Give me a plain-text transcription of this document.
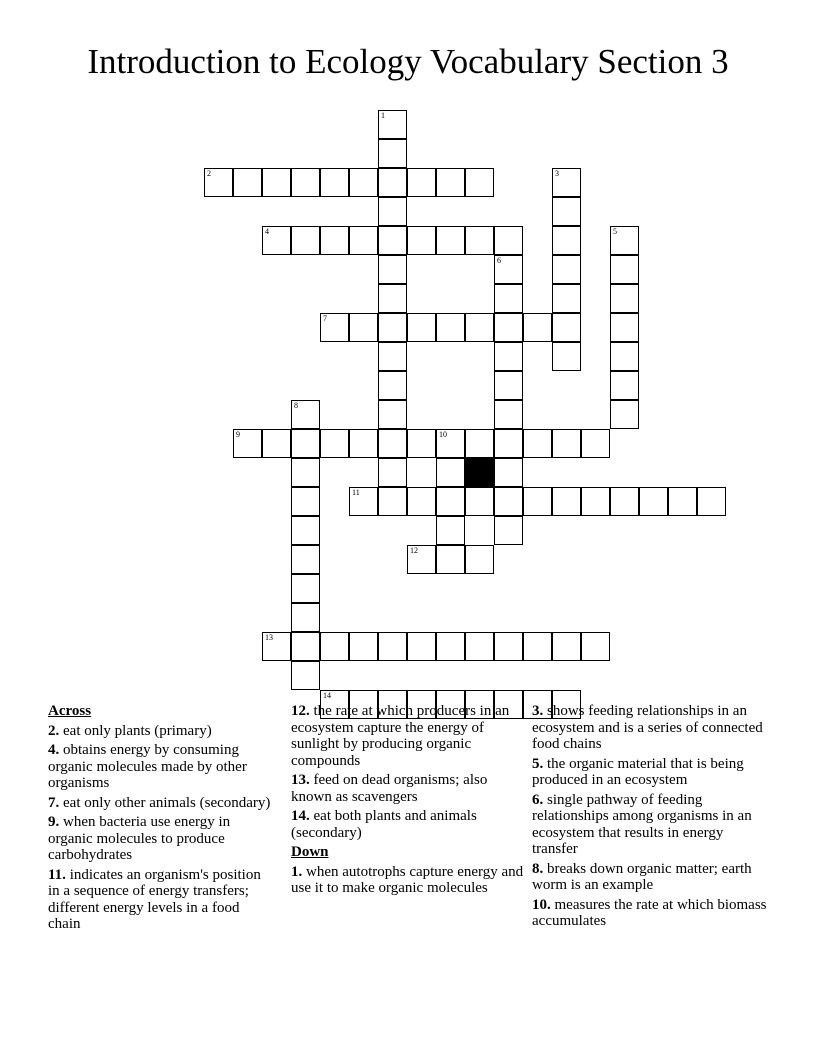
Introduction to Ecology Vocabulary Section 3
1
2	3
4	5
6
7
8
9	10
11
12
13
14
Across
2. eat only plants (primary)
4. obtains energy by consuming organic molecules made by other organisms
7. eat only other animals (secondary)
9. when bacteria use energy in organic molecules to produce carbohydrates
11. indicates an organism's position in a sequence of energy transfers; different energy levels in a food chain
12. the rate at which producers in an ecosystem capture the energy of sunlight by producing organic compounds
13. feed on dead organisms; also known as scavengers
14. eat both plants and animals (secondary)
Down
1. when autotrophs capture energy and use it to make organic molecules
3. shows feeding relationships in an ecosystem and is a series of connected food chains
5. the organic material that is being produced in an ecosystem
6. single pathway of feeding relationships among organisms in an ecosystem that results in energy transfer
8. breaks down organic matter; earth worm is an example
10. measures the rate at which biomass accumulates
